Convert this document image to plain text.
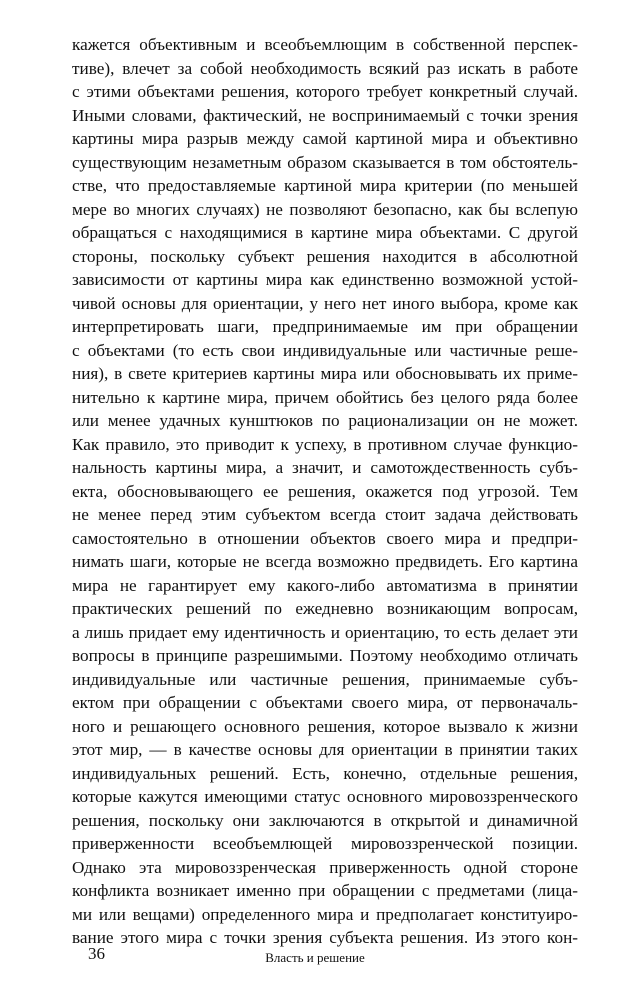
кажется объективным и всеобъемлющим в собственной перспек-
тиве), влечет за собой необходимость всякий раз искать в работе
с этими объектами решения, которого требует конкретный случай.
Иными словами, фактический, не воспринимаемый с точки зрения
картины мира разрыв между самой картиной мира и объективно
существующим незаметным образом сказывается в том обстоятель-
стве, что предоставляемые картиной мира критерии (по меньшей
мере во многих случаях) не позволяют безопасно, как бы вслепую
обращаться с находящимися в картине мира объектами. С другой
стороны, поскольку субъект решения находится в абсолютной
зависимости от картины мира как единственно возможной устой-
чивой основы для ориентации, у него нет иного выбора, кроме как
интерпретировать шаги, предпринимаемые им при обращении
с объектами (то есть свои индивидуальные или частичные реше-
ния), в свете критериев картины мира или обосновывать их приме-
нительно к картине мира, причем обойтись без целого ряда более
или менее удачных кунштюков по рационализации он не может.
Как правило, это приводит к успеху, в противном случае функцио-
нальность картины мира, а значит, и самотождественность субъ-
екта, обосновывающего ее решения, окажется под угрозой. Тем
не менее перед этим субъектом всегда стоит задача действовать
самостоятельно в отношении объектов своего мира и предпри-
нимать шаги, которые не всегда возможно предвидеть. Его картина
мира не гарантирует ему какого-либо автоматизма в принятии
практических решений по ежедневно возникающим вопросам,
а лишь придает ему идентичность и ориентацию, то есть делает эти
вопросы в принципе разрешимыми. Поэтому необходимо отличать
индивидуальные или частичные решения, принимаемые субъ-
ектом при обращении с объектами своего мира, от первоначаль-
ного и решающего основного решения, которое вызвало к жизни
этот мир, — в качестве основы для ориентации в принятии таких
индивидуальных решений. Есть, конечно, отдельные решения,
которые кажутся имеющими статус основного мировоззренческого
решения, поскольку они заключаются в открытой и динамичной
приверженности всеобъемлющей мировоззренческой позиции.
Однако эта мировоззренческая приверженность одной стороне
конфликта возникает именно при обращении с предметами (лица-
ми или вещами) определенного мира и предполагает конституиро-
вание этого мира с точки зрения субъекта решения. Из этого кон-
36	Власть и решение
